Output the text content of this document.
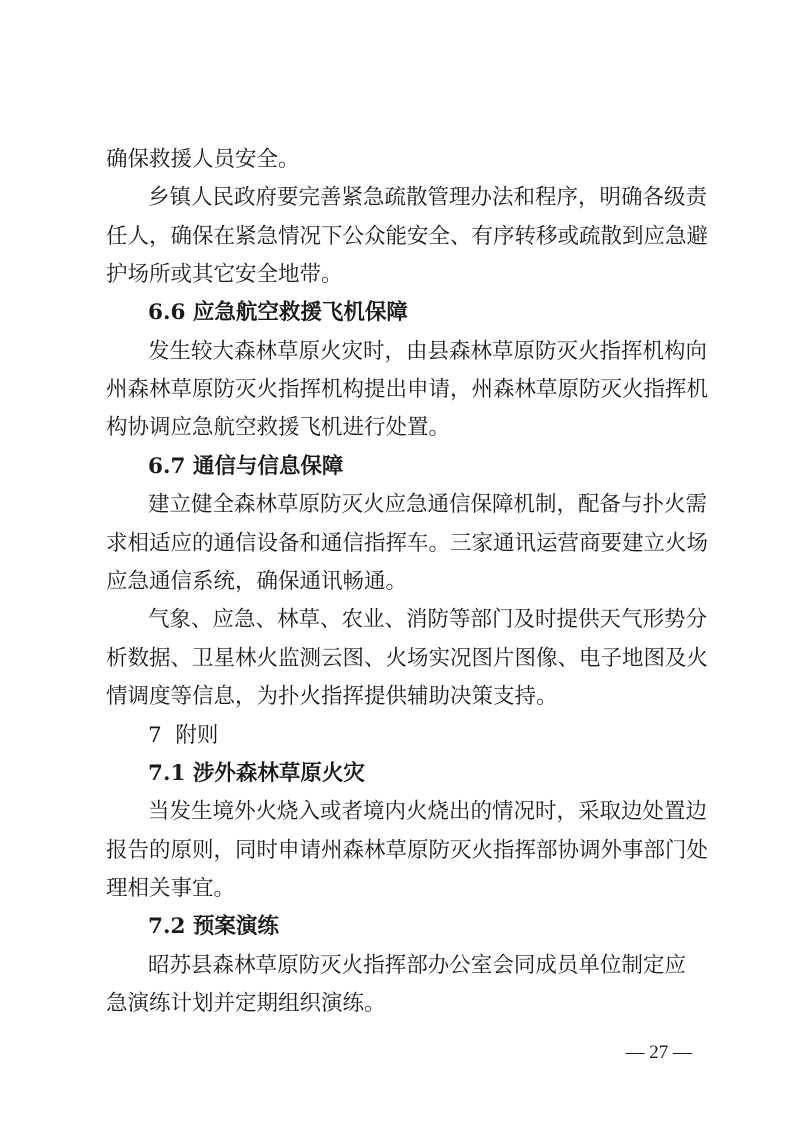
确保救援人员安全。
乡镇人民政府要完善紧急疏散管理办法和程序，明确各级责
任人，确保在紧急情况下公众能安全、有序转移或疏散到应急避
护场所或其它安全地带。
6.6 应急航空救援飞机保障
发生较大森林草原火灾时，由县森林草原防灭火指挥机构向
州森林草原防灭火指挥机构提出申请，州森林草原防灭火指挥机
构协调应急航空救援飞机进行处置。
6.7 通信与信息保障
建立健全森林草原防灭火应急通信保障机制，配备与扑火需
求相适应的通信设备和通信指挥车。三家通讯运营商要建立火场
应急通信系统，确保通讯畅通。
气象、应急、林草、农业、消防等部门及时提供天气形势分
析数据、卫星林火监测云图、火场实况图片图像、电子地图及火
情调度等信息，为扑火指挥提供辅助决策支持。
7  附则
7.1 涉外森林草原火灾
当发生境外火烧入或者境内火烧出的情况时，采取边处置边
报告的原则，同时申请州森林草原防灭火指挥部协调外事部门处
理相关事宜。
7.2 预案演练
昭苏县森林草原防灭火指挥部办公室会同成员单位制定应
急演练计划并定期组织演练。
— 27 —
